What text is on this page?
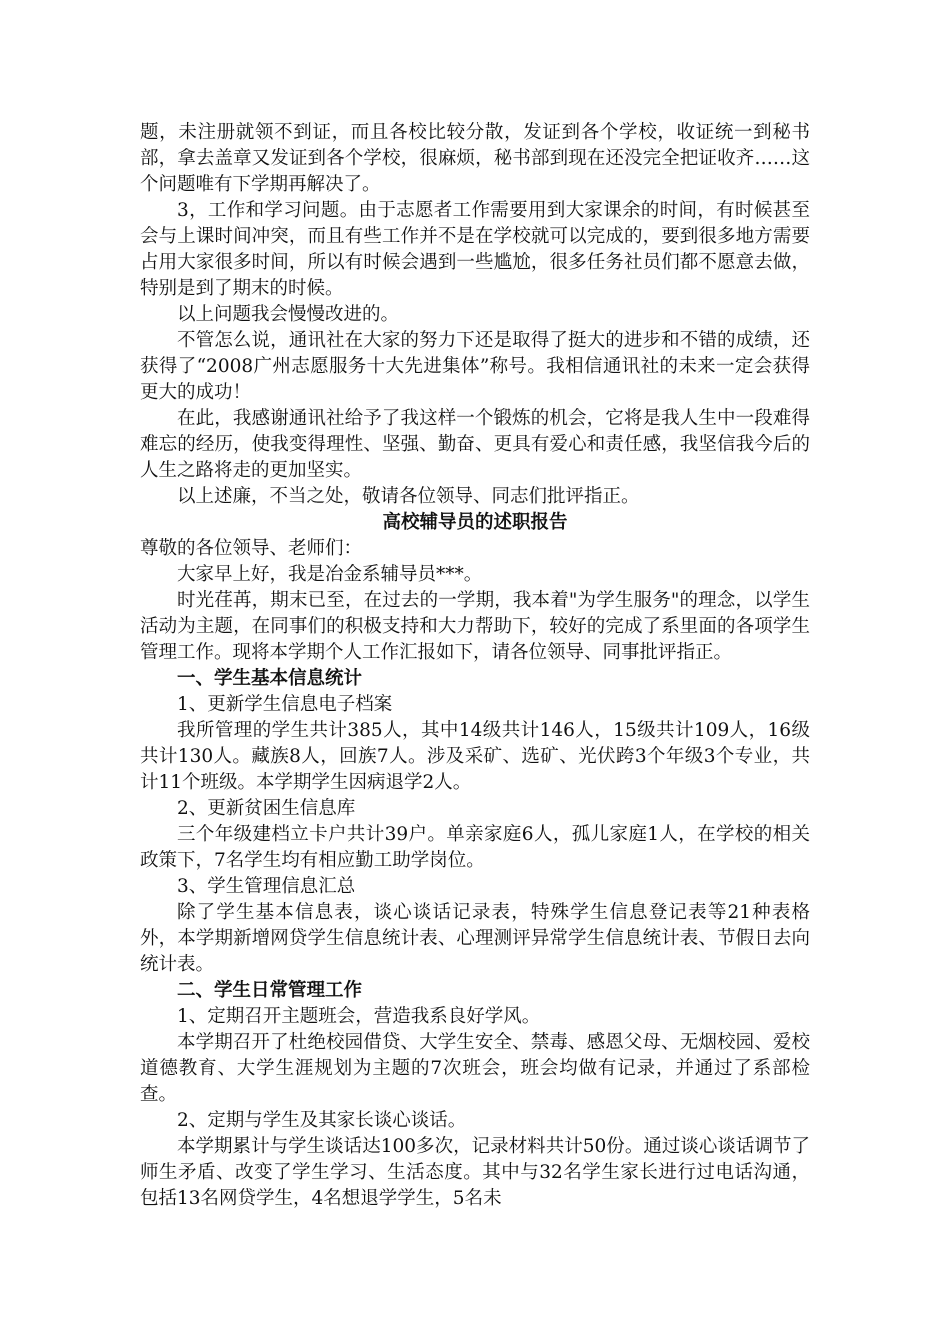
题，未注册就领不到证，而且各校比较分散，发证到各个学校，收证统一到秘书部，拿去盖章又发证到各个学校，很麻烦，秘书部到现在还没完全把证收齐……这个问题唯有下学期再解决了。

3，工作和学习问题。由于志愿者工作需要用到大家课余的时间，有时候甚至会与上课时间冲突，而且有些工作并不是在学校就可以完成的，要到很多地方需要占用大家很多时间，所以有时候会遇到一些尴尬，很多任务社员们都不愿意去做，特别是到了期末的时候。

以上问题我会慢慢改进的。

不管怎么说，通讯社在大家的努力下还是取得了挺大的进步和不错的成绩，还获得了“2008广州志愿服务十大先进集体”称号。我相信通讯社的未来一定会获得更大的成功！

在此，我感谢通讯社给予了我这样一个锻炼的机会，它将是我人生中一段难得难忘的经历，使我变得理性、坚强、勤奋、更具有爱心和责任感，我坚信我今后的人生之路将走的更加坚实。

以上述廉，不当之处，敬请各位领导、同志们批评指正。

高校辅导员的述职报告

尊敬的各位领导、老师们：

大家早上好，我是冶金系辅导员***。

时光荏苒，期末已至，在过去的一学期，我本着"为学生服务"的理念，以学生活动为主题，在同事们的积极支持和大力帮助下，较好的完成了系里面的各项学生管理工作。现将本学期个人工作汇报如下，请各位领导、同事批评指正。

一、学生基本信息统计

1、更新学生信息电子档案

我所管理的学生共计385人，其中14级共计146人，15级共计109人，16级共计130人。藏族8人，回族7人。涉及采矿、选矿、光伏跨3个年级3个专业，共计11个班级。本学期学生因病退学2人。

2、更新贫困生信息库

三个年级建档立卡户共计39户。单亲家庭6人，孤儿家庭1人，在学校的相关政策下，7名学生均有相应勤工助学岗位。

3、学生管理信息汇总

除了学生基本信息表，谈心谈话记录表，特殊学生信息登记表等21种表格外，本学期新增网贷学生信息统计表、心理测评异常学生信息统计表、节假日去向统计表。

二、学生日常管理工作

1、定期召开主题班会，营造我系良好学风。

本学期召开了杜绝校园借贷、大学生安全、禁毒、感恩父母、无烟校园、爱校道德教育、大学生涯规划为主题的7次班会，班会均做有记录，并通过了系部检查。

2、定期与学生及其家长谈心谈话。

本学期累计与学生谈话达100多次，记录材料共计50份。通过谈心谈话调节了师生矛盾、改变了学生学习、生活态度。其中与32名学生家长进行过电话沟通，包括13名网贷学生，4名想退学学生，5名未
